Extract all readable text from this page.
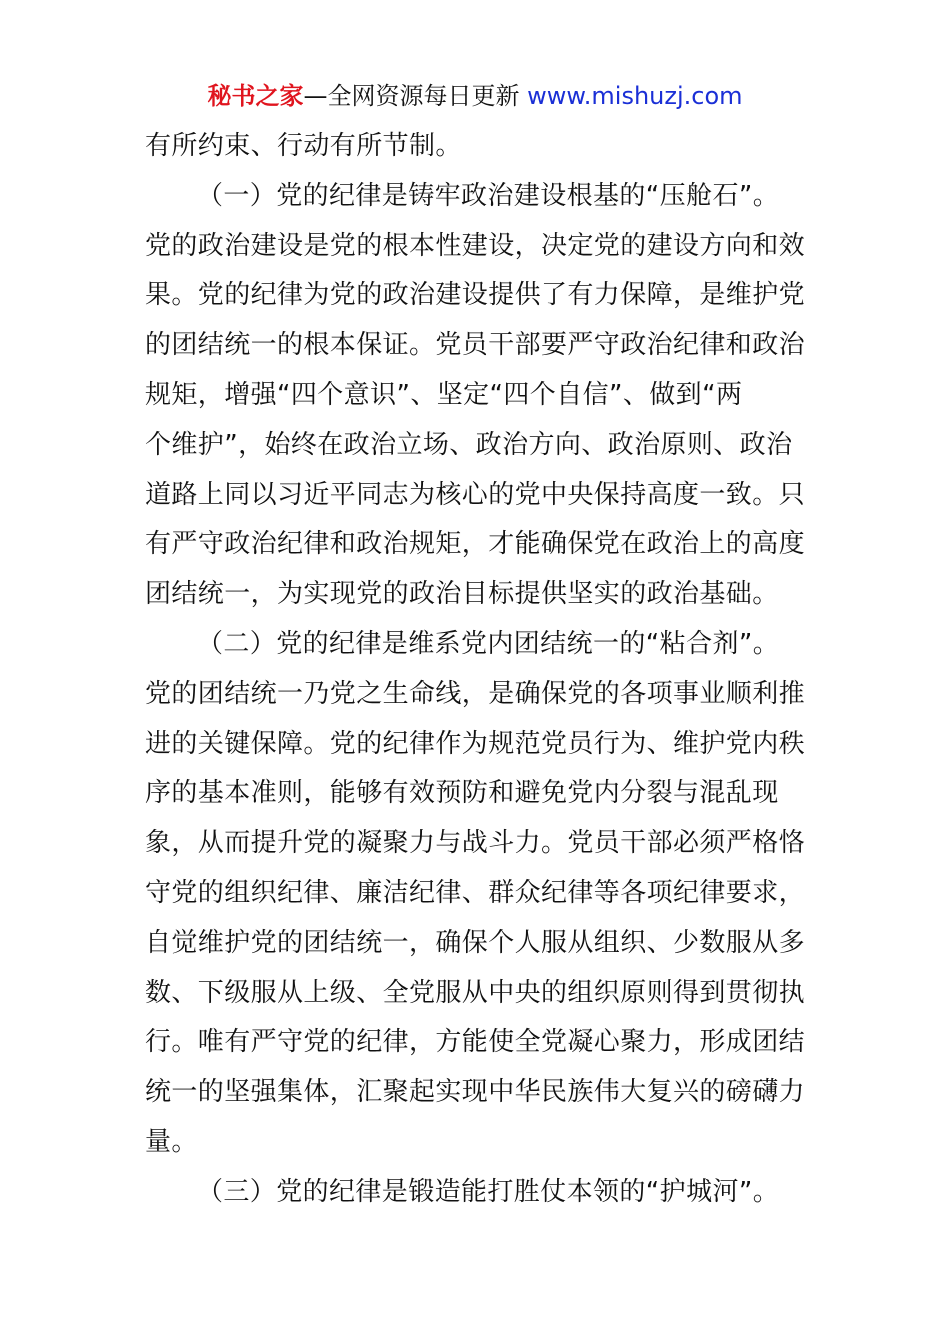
秘书之家—全网资源每日更新 www.mishuzj.com
有所约束、行动有所节制。
（一）党的纪律是铸牢政治建设根基的“压舱石”。
党的政治建设是党的根本性建设，决定党的建设方向和效
果。党的纪律为党的政治建设提供了有力保障，是维护党
的团结统一的根本保证。党员干部要严守政治纪律和政治
规矩，增强“四个意识”、坚定“四个自信”、做到“两
个维护”，始终在政治立场、政治方向、政治原则、政治
道路上同以习近平同志为核心的党中央保持高度一致。只
有严守政治纪律和政治规矩，才能确保党在政治上的高度
团结统一，为实现党的政治目标提供坚实的政治基础。
（二）党的纪律是维系党内团结统一的“粘合剂”。
党的团结统一乃党之生命线，是确保党的各项事业顺利推
进的关键保障。党的纪律作为规范党员行为、维护党内秩
序的基本准则，能够有效预防和避免党内分裂与混乱现
象，从而提升党的凝聚力与战斗力。党员干部必须严格恪
守党的组织纪律、廉洁纪律、群众纪律等各项纪律要求，
自觉维护党的团结统一，确保个人服从组织、少数服从多
数、下级服从上级、全党服从中央的组织原则得到贯彻执
行。唯有严守党的纪律，方能使全党凝心聚力，形成团结
统一的坚强集体，汇聚起实现中华民族伟大复兴的磅礴力
量。
（三）党的纪律是锻造能打胜仗本领的“护城河”。
